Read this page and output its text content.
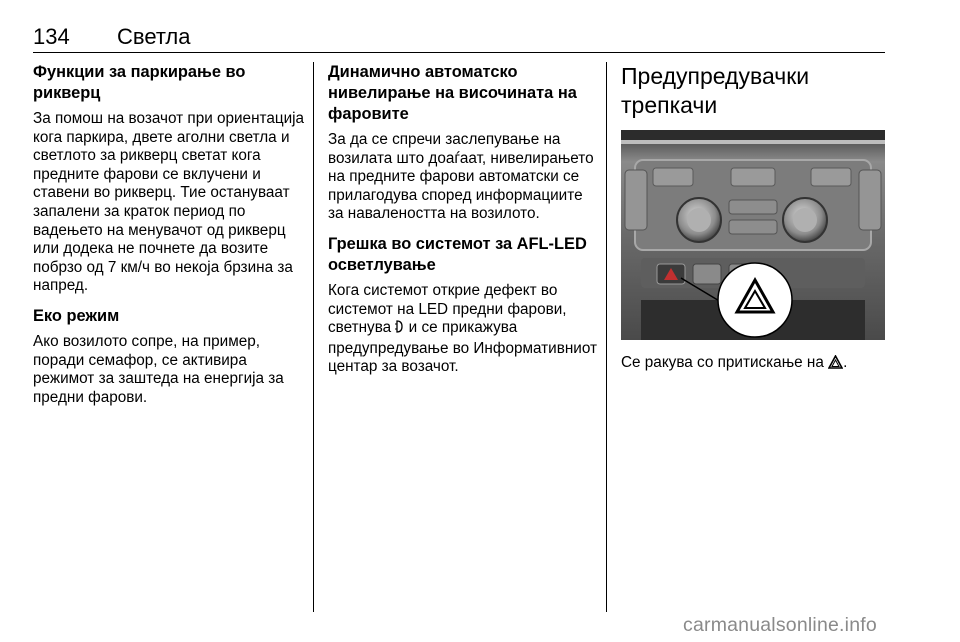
134 Светла
Функции за паркирање во рикверц

За помош на возачот при ориентација кога паркира, двете аголни светла и светлото за рикверц светат кога предните фарови се вклучени и ставени во рикверц. Тие остануваат запалени за краток период по вадењето на менувачот од рикверц или додека не почнете да возите побрзо од 7 км/ч во некоја брзина за напред.

Еко режим

Ако возилото сопре, на пример, поради семафор, се активира режимот за заштеда на енергија за предни фарови.

Динамично автоматско нивелирање на височината на фаровите

За да се спречи заслепување на возилата што доаѓаат, нивелирањето на предните фарови автоматски се прилагодува според информациите за навалеността на возилото.

Грешка во системот за AFL-LED осветлување

Кога системот открие дефект во системот на LED предни фарови, светнува и се прикажува предупредување во Информативниот центар за возачот.

Предупредувачки трепкачи

Се ракува со притискање на .

carmanualsonline.info
